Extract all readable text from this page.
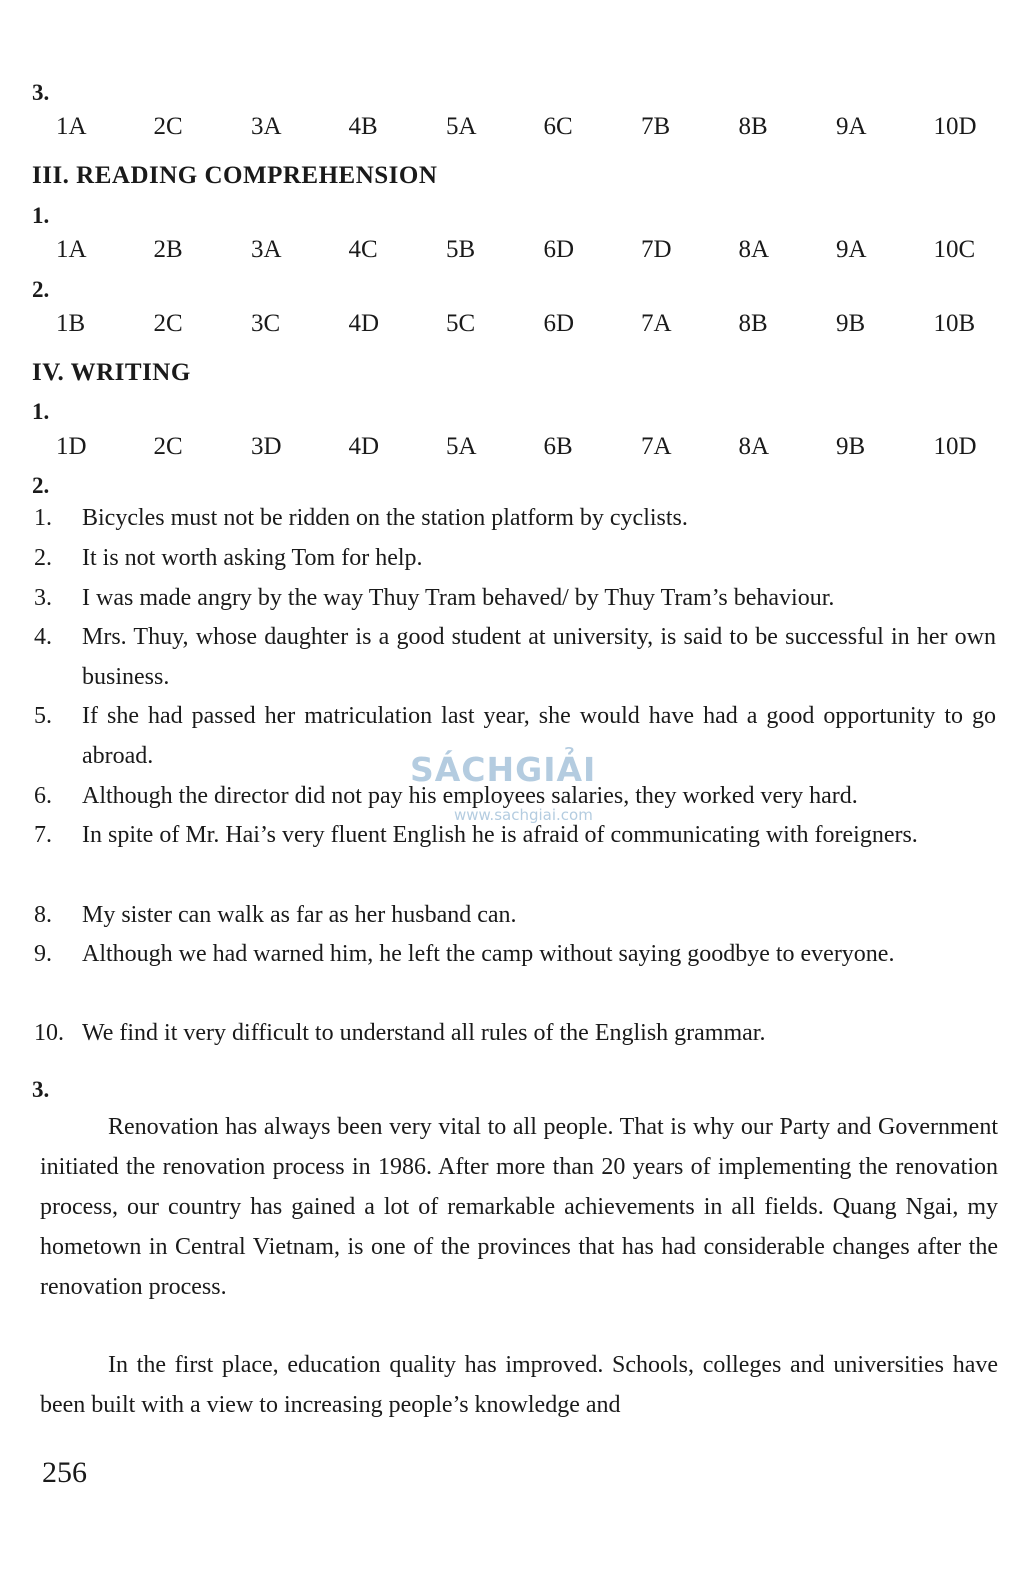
3.
1A	2C	3A	4B	5A	6C	7B	8B	9A	10D
III. READING COMPREHENSION
1.
1A	2B	3A	4C	5B	6D	7D	8A	9A	10C
2.
1B	2C	3C	4D	5C	6D	7A	8B	9B	10B
IV. WRITING
1.
1D	2C	3D	4D	5A	6B	7A	8A	9B	10D
2.
1. Bicycles must not be ridden on the station platform by cyclists.
2. It is not worth asking Tom for help.
3. I was made angry by the way Thuy Tram behaved/ by Thuy Tram’s behaviour.
4. Mrs. Thuy, whose daughter is a good student at university, is said to be successful in her own business.
5. If she had passed her matriculation last year, she would have had a good opportunity to go abroad.
6. Although the director did not pay his employees salaries, they worked very hard.
7. In spite of Mr. Hai’s very fluent English he is afraid of communicating with foreigners.
8. My sister can walk as far as her husband can.
9. Although we had warned him, he left the camp without saying goodbye to everyone.
10. We find it very difficult to understand all rules of the English grammar.
3.
Renovation has always been very vital to all people. That is why our Party and Government initiated the renovation process in 1986. After more than 20 years of implementing the renovation process, our country has gained a lot of remarkable achievements in all fields. Quang Ngai, my hometown in Central Vietnam, is one of the provinces that has had considerable changes after the renovation process.
In the first place, education quality has improved. Schools, colleges and universities have been built with a view to increasing people’s knowledge and
256
SÁCHGIẢI
www.sachgiai.com
